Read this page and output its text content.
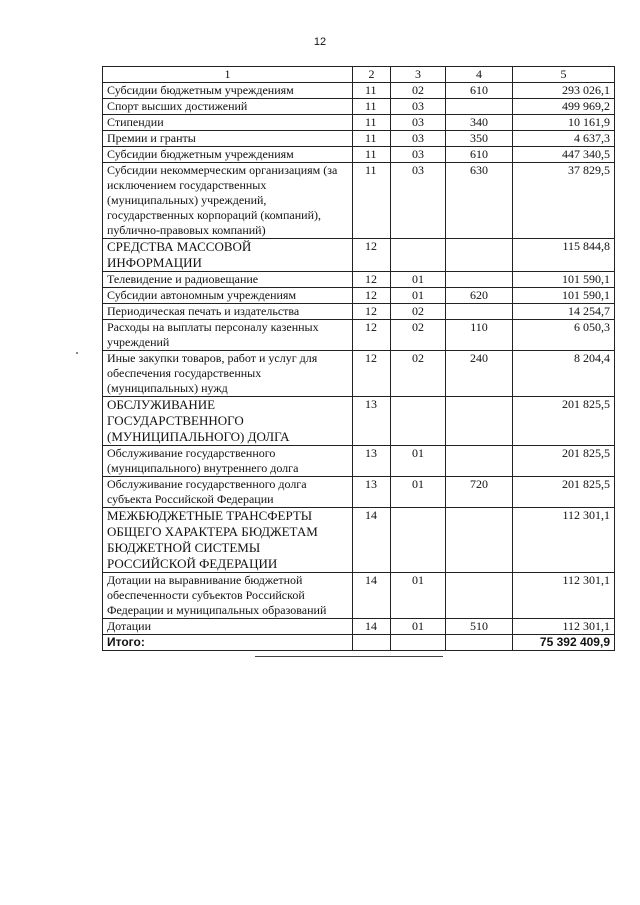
12
1	2	3	4	5
Субсидии бюджетным учреждениям	11	02	610	293 026,1
Спорт высших достижений	11	03		499 969,2
Стипендии	11	03	340	10 161,9
Премии и гранты	11	03	350	4 637,3
Субсидии бюджетным учреждениям	11	03	610	447 340,5
Субсидии некоммерческим организациям (за исключением государственных (муниципальных) учреждений, государственных корпораций (компаний), публично-правовых компаний)	11	03	630	37 829,5
СРЕДСТВА МАССОВОЙ ИНФОРМАЦИИ	12			115 844,8
Телевидение и радиовещание	12	01		101 590,1
Субсидии автономным учреждениям	12	01	620	101 590,1
Периодическая печать и издательства	12	02		14 254,7
Расходы на выплаты персоналу казенных учреждений	12	02	110	6 050,3
Иные закупки товаров, работ и услуг для обеспечения государственных (муниципальных) нужд	12	02	240	8 204,4
ОБСЛУЖИВАНИЕ ГОСУДАРСТВЕННОГО (МУНИЦИПАЛЬНОГО) ДОЛГА	13			201 825,5
Обслуживание государственного (муниципального) внутреннего долга	13	01		201 825,5
Обслуживание государственного долга субъекта Российской Федерации	13	01	720	201 825,5
МЕЖБЮДЖЕТНЫЕ ТРАНСФЕРТЫ ОБЩЕГО ХАРАКТЕРА БЮДЖЕТАМ БЮДЖЕТНОЙ СИСТЕМЫ РОССИЙСКОЙ ФЕДЕРАЦИИ	14			112 301,1
Дотации на выравнивание бюджетной обеспеченности субъектов Российской Федерации и муниципальных образований	14	01		112 301,1
Дотации	14	01	510	112 301,1
Итого:				75 392 409,9
